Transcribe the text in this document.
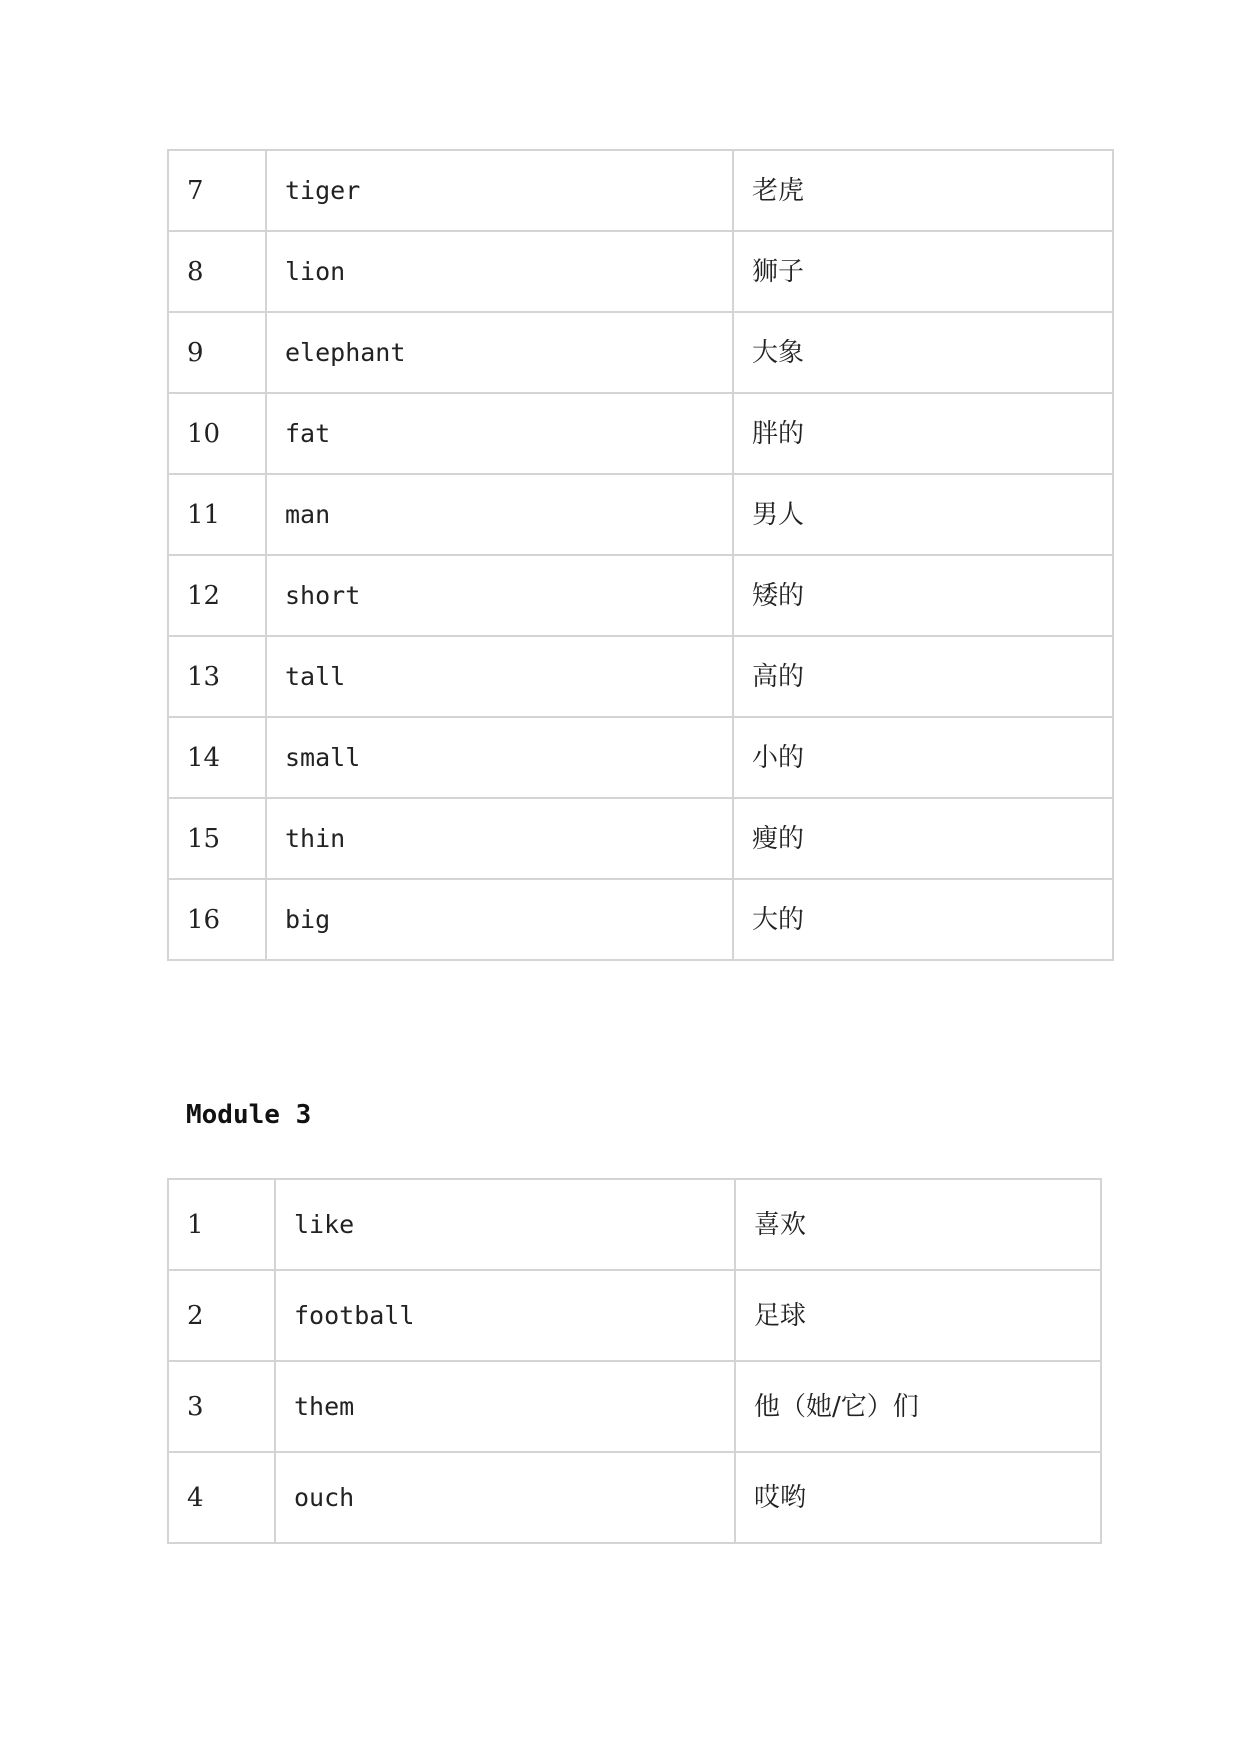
7	tiger	老虎
8	lion	狮子
9	elephant	大象
10	fat	胖的
11	man	男人
12	short	矮的
13	tall	高的
14	small	小的
15	thin	瘦的
16	big	大的
Module 3
1	like	喜欢
2	football	足球
3	them	他（她/它）们
4	ouch	哎哟
